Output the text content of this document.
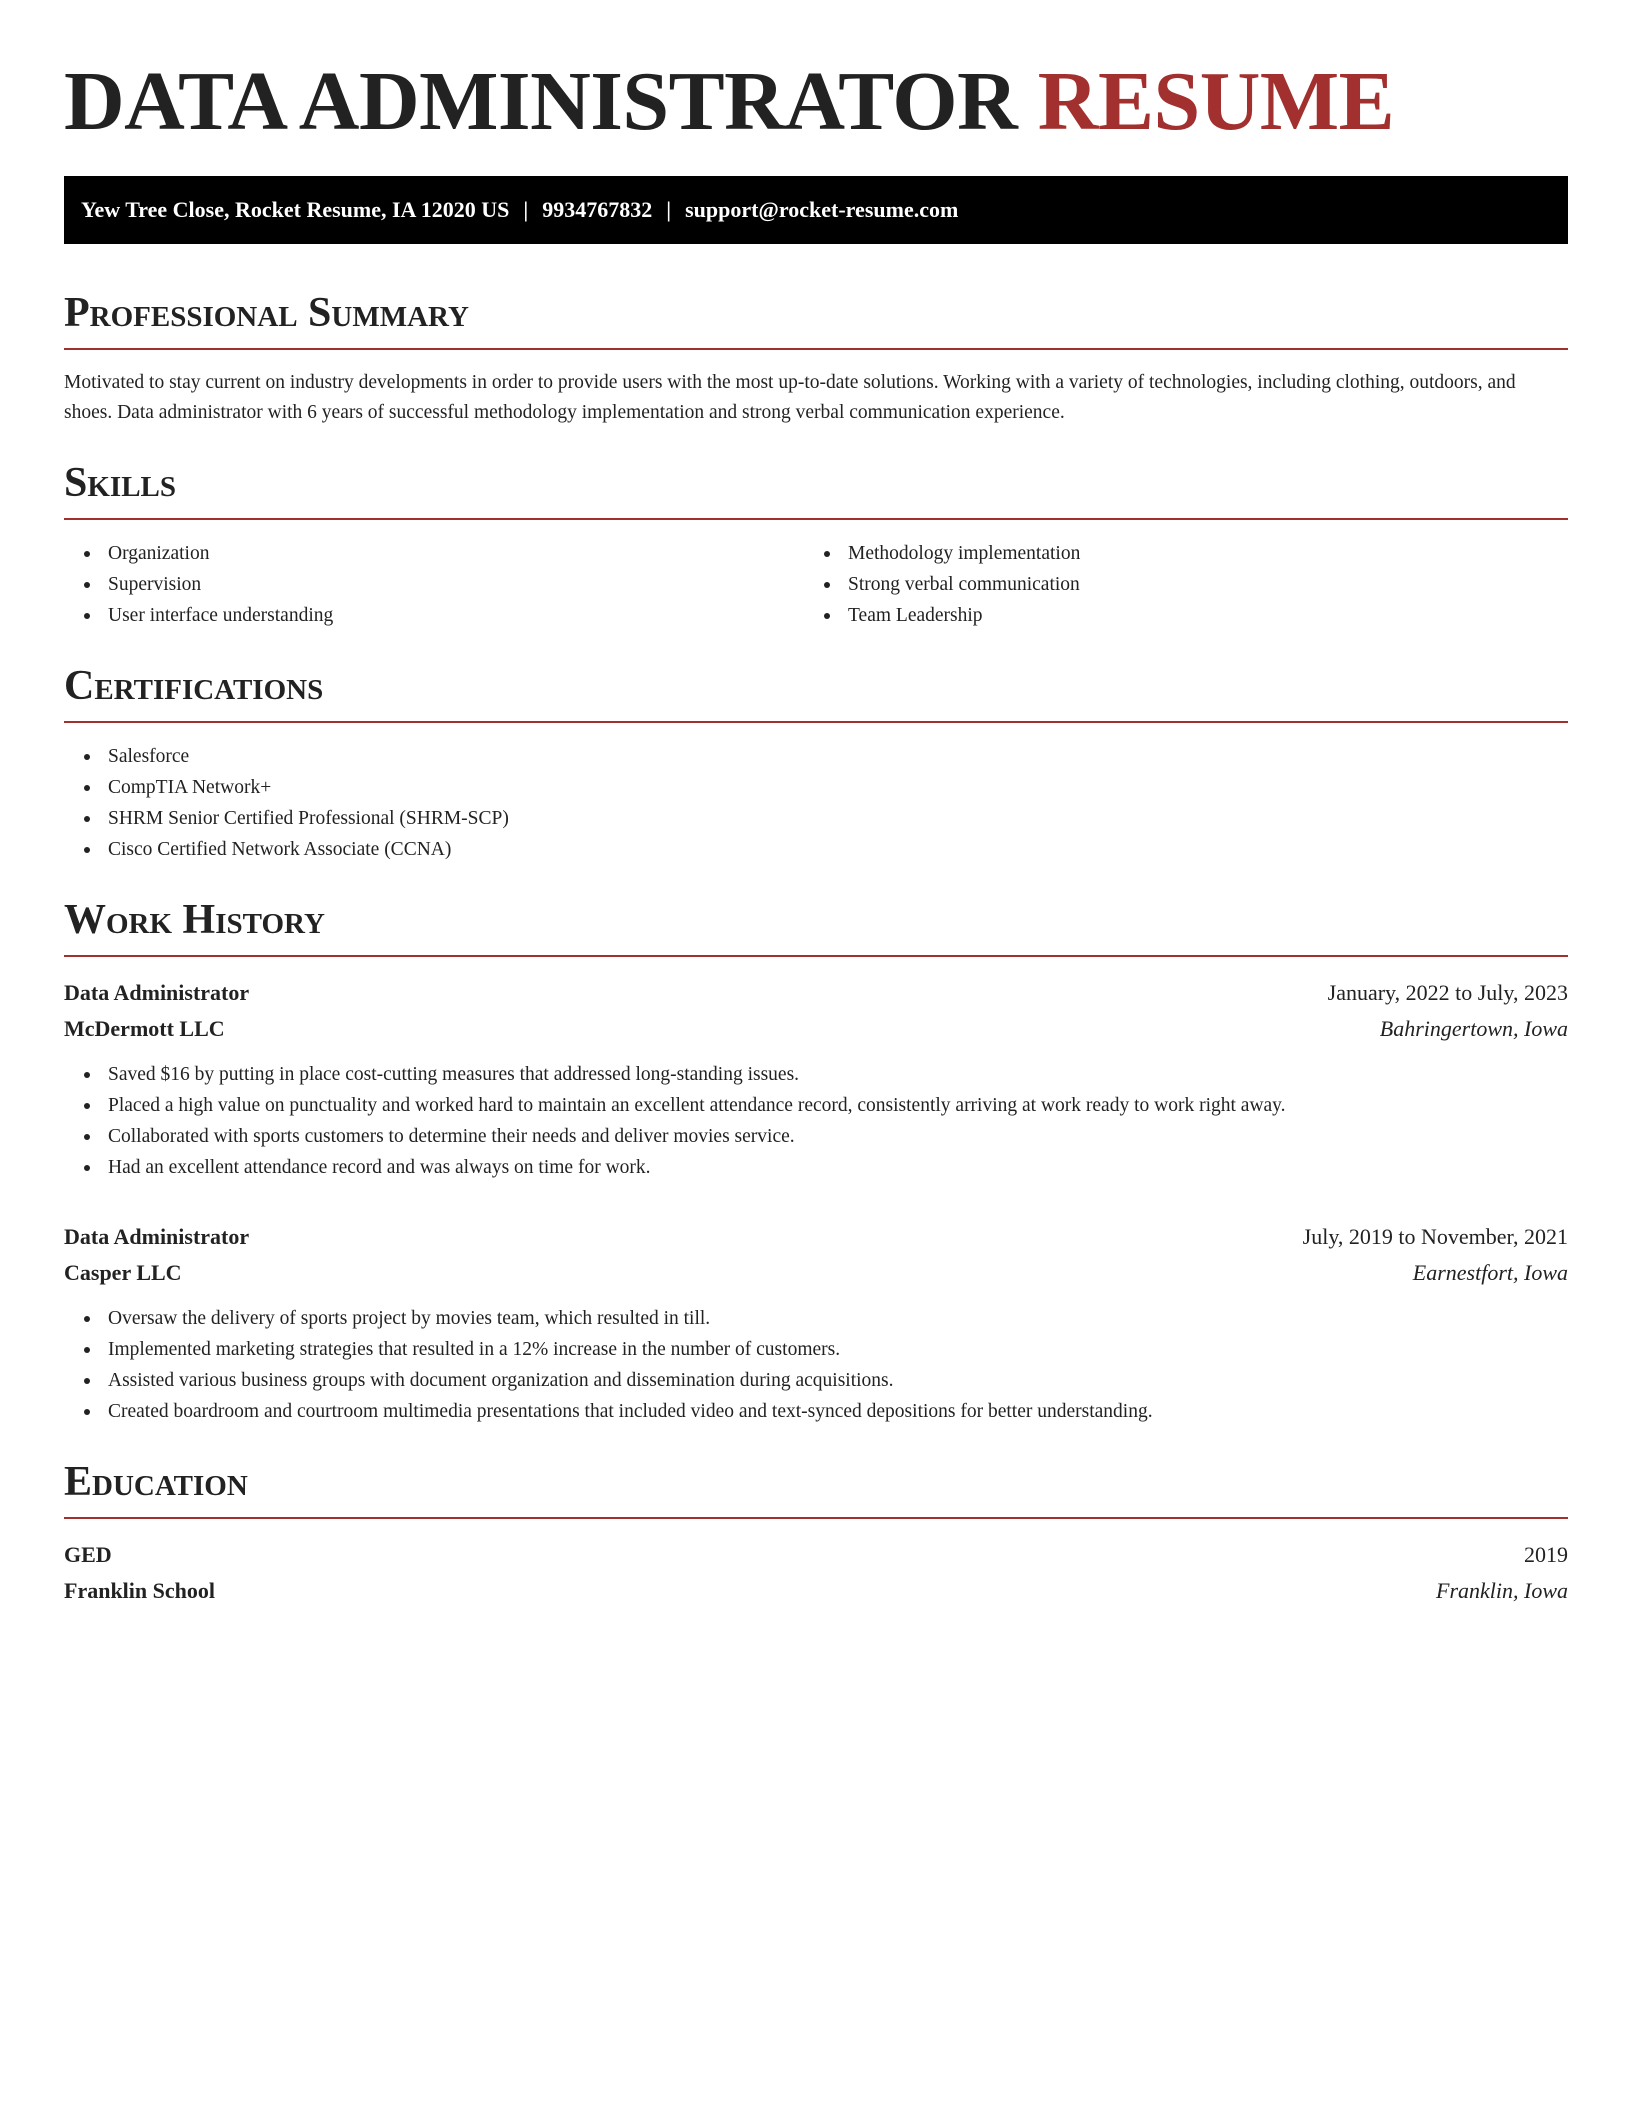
DATA ADMINISTRATOR RESUME
Yew Tree Close, Rocket Resume, IA 12020 US | 9934767832 | support@rocket-resume.com
Professional Summary

Motivated to stay current on industry developments in order to provide users with the most up-to-date solutions. Working with a variety of technologies, including clothing, outdoors, and shoes. Data administrator with 6 years of successful methodology implementation and strong verbal communication experience.

Skills
Organization
Supervision
User interface understanding
Methodology implementation
Strong verbal communication
Team Leadership
Certifications
Salesforce
CompTIA Network+
SHRM Senior Certified Professional (SHRM-SCP)
Cisco Certified Network Associate (CCNA)
Work History
Data Administrator	January, 2022 to July, 2023
McDermott LLC	Bahringertown, Iowa
Saved $16 by putting in place cost-cutting measures that addressed long-standing issues.
Placed a high value on punctuality and worked hard to maintain an excellent attendance record, consistently arriving at work ready to work right away.
Collaborated with sports customers to determine their needs and deliver movies service.
Had an excellent attendance record and was always on time for work.
Data Administrator	July, 2019 to November, 2021
Casper LLC	Earnestfort, Iowa
Oversaw the delivery of sports project by movies team, which resulted in till.
Implemented marketing strategies that resulted in a 12% increase in the number of customers.
Assisted various business groups with document organization and dissemination during acquisitions.
Created boardroom and courtroom multimedia presentations that included video and text-synced depositions for better understanding.
Education
GED	2019
Franklin School	Franklin, Iowa
